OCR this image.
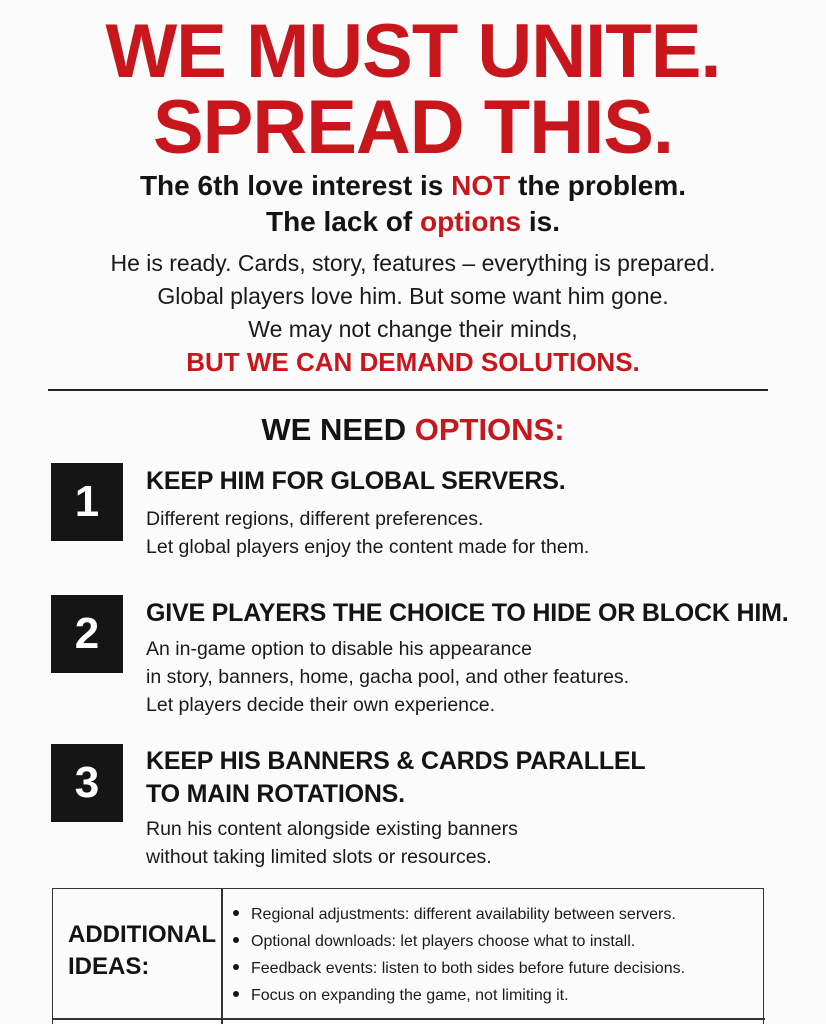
WE MUST UNITE.
SPREAD THIS.
The 6th love interest is NOT the problem.
The lack of options is.
He is ready. Cards, story, features – everything is prepared.
Global players love him. But some want him gone.
We may not change their minds,
BUT WE CAN DEMAND SOLUTIONS.
WE NEED OPTIONS:
1	KEEP HIM FOR GLOBAL SERVERS.
Different regions, different preferences.
Let global players enjoy the content made for them.
2	GIVE PLAYERS THE CHOICE TO HIDE OR BLOCK HIM.
An in-game option to disable his appearance
in story, banners, home, gacha pool, and other features.
Let players decide their own experience.
3	KEEP HIS BANNERS & CARDS PARALLEL
TO MAIN ROTATIONS.
Run his content alongside existing banners
without taking limited slots or resources.
ADDITIONAL
IDEAS:
Regional adjustments: different availability between servers.
Optional downloads: let players choose what to install.
Feedback events: listen to both sides before future decisions.
Focus on expanding the game, not limiting it.
